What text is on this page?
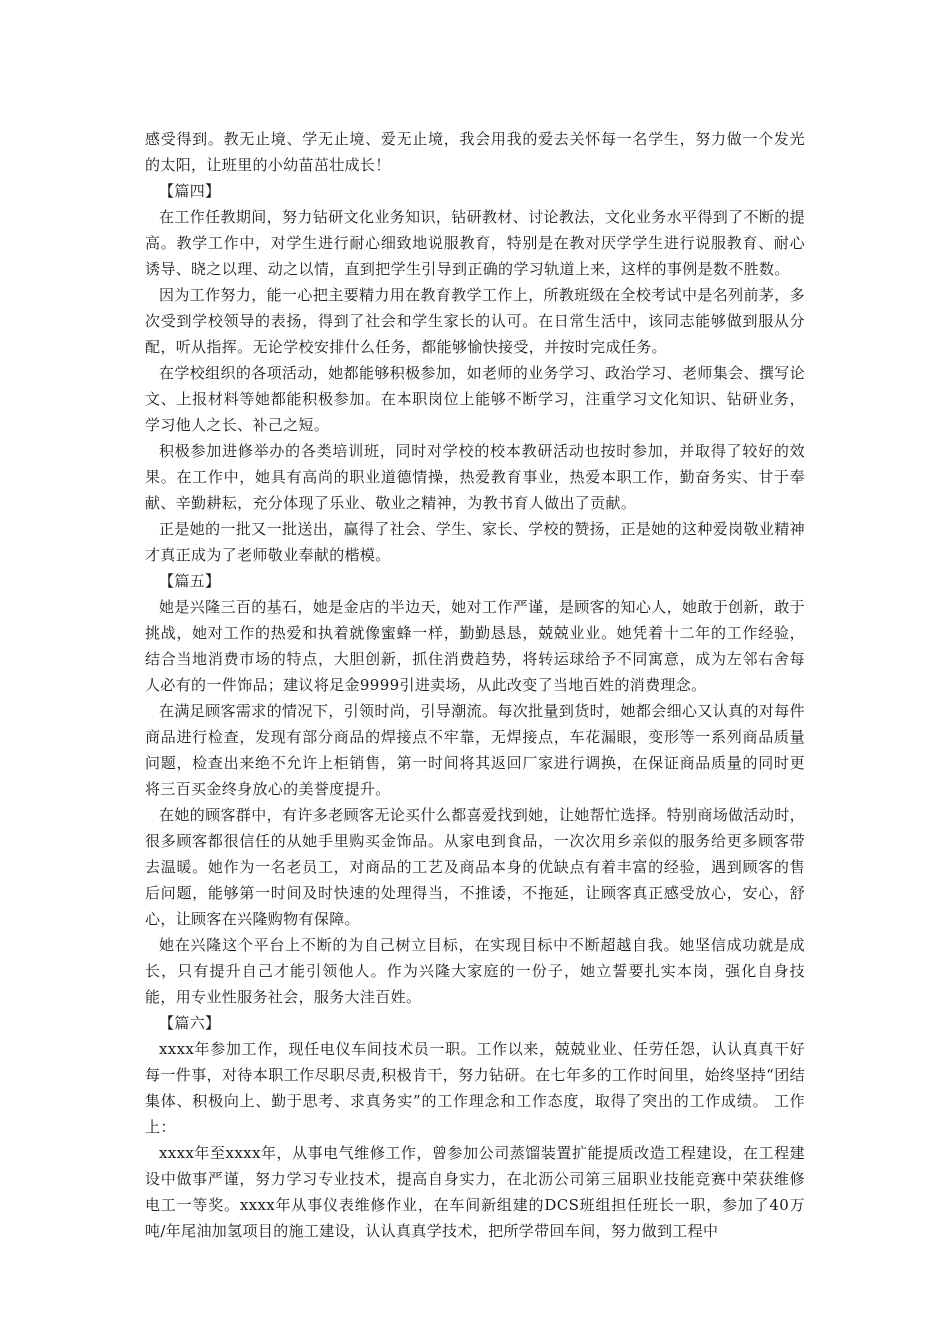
感受得到。教无止境、学无止境、爱无止境，我会用我的爱去关怀每一名学生，努力做一个发光的太阳，让班里的小幼苗茁壮成长！

【篇四】

在工作任教期间，努力钻研文化业务知识，钻研教材、讨论教法，文化业务水平得到了不断的提高。教学工作中，对学生进行耐心细致地说服教育，特别是在教对厌学学生进行说服教育、耐心诱导、晓之以理、动之以情，直到把学生引导到正确的学习轨道上来，这样的事例是数不胜数。

因为工作努力，能一心把主要精力用在教育教学工作上，所教班级在全校考试中是名列前茅，多次受到学校领导的表扬，得到了社会和学生家长的认可。在日常生活中，该同志能够做到服从分配，听从指挥。无论学校安排什么任务，都能够愉快接受，并按时完成任务。

在学校组织的各项活动，她都能够积极参加，如老师的业务学习、政治学习、老师集会、撰写论文、上报材料等她都能积极参加。在本职岗位上能够不断学习，注重学习文化知识、钻研业务，学习他人之长、补己之短。

积极参加进修举办的各类培训班，同时对学校的校本教研活动也按时参加，并取得了较好的效果。在工作中，她具有高尚的职业道德情操，热爱教育事业，热爱本职工作，勤奋务实、甘于奉献、辛勤耕耘，充分体现了乐业、敬业之精神，为教书育人做出了贡献。

正是她的一批又一批送出，赢得了社会、学生、家长、学校的赞扬，正是她的这种爱岗敬业精神才真正成为了老师敬业奉献的楷模。

【篇五】

她是兴隆三百的基石，她是金店的半边天，她对工作严谨，是顾客的知心人，她敢于创新，敢于挑战，她对工作的热爱和执着就像蜜蜂一样，勤勤恳恳，兢兢业业。她凭着十二年的工作经验，结合当地消费市场的特点，大胆创新，抓住消费趋势，将转运球给予不同寓意，成为左邻右舍每人必有的一件饰品；建议将足金9999引进卖场，从此改变了当地百姓的消费理念。

在满足顾客需求的情况下，引领时尚，引导潮流。每次批量到货时，她都会细心又认真的对每件商品进行检查，发现有部分商品的焊接点不牢靠，无焊接点，车花漏眼，变形等一系列商品质量问题，检查出来绝不允许上柜销售，第一时间将其返回厂家进行调换，在保证商品质量的同时更将三百买金终身放心的美誉度提升。

在她的顾客群中，有许多老顾客无论买什么都喜爱找到她，让她帮忙选择。特别商场做活动时，很多顾客都很信任的从她手里购买金饰品。从家电到食品，一次次用乡亲似的服务给更多顾客带去温暖。她作为一名老员工，对商品的工艺及商品本身的优缺点有着丰富的经验，遇到顾客的售后问题，能够第一时间及时快速的处理得当，不推诿，不拖延，让顾客真正感受放心，安心，舒心，让顾客在兴隆购物有保障。

她在兴隆这个平台上不断的为自己树立目标，在实现目标中不断超越自我。她坚信成功就是成长，只有提升自己才能引领他人。作为兴隆大家庭的一份子，她立誓要扎实本岗，强化自身技能，用专业性服务社会，服务大洼百姓。

【篇六】

xxxx年参加工作，现任电仪车间技术员一职。工作以来，兢兢业业、任劳任怨，认认真真干好每一件事，对待本职工作尽职尽责,积极肯干，努力钻研。在七年多的工作时间里，始终坚持“团结集体、积极向上、勤于思考、求真务实”的工作理念和工作态度，取得了突出的工作成绩。 工作上：

xxxx年至xxxx年，从事电气维修工作，曾参加公司蒸馏装置扩能提质改造工程建设，在工程建设中做事严谨，努力学习专业技术，提高自身实力，在北沥公司第三届职业技能竞赛中荣获维修电工一等奖。xxxx年从事仪表维修作业，在车间新组建的DCS班组担任班长一职，参加了40万吨/年尾油加氢项目的施工建设，认认真真学技术，把所学带回车间，努力做到工程中
